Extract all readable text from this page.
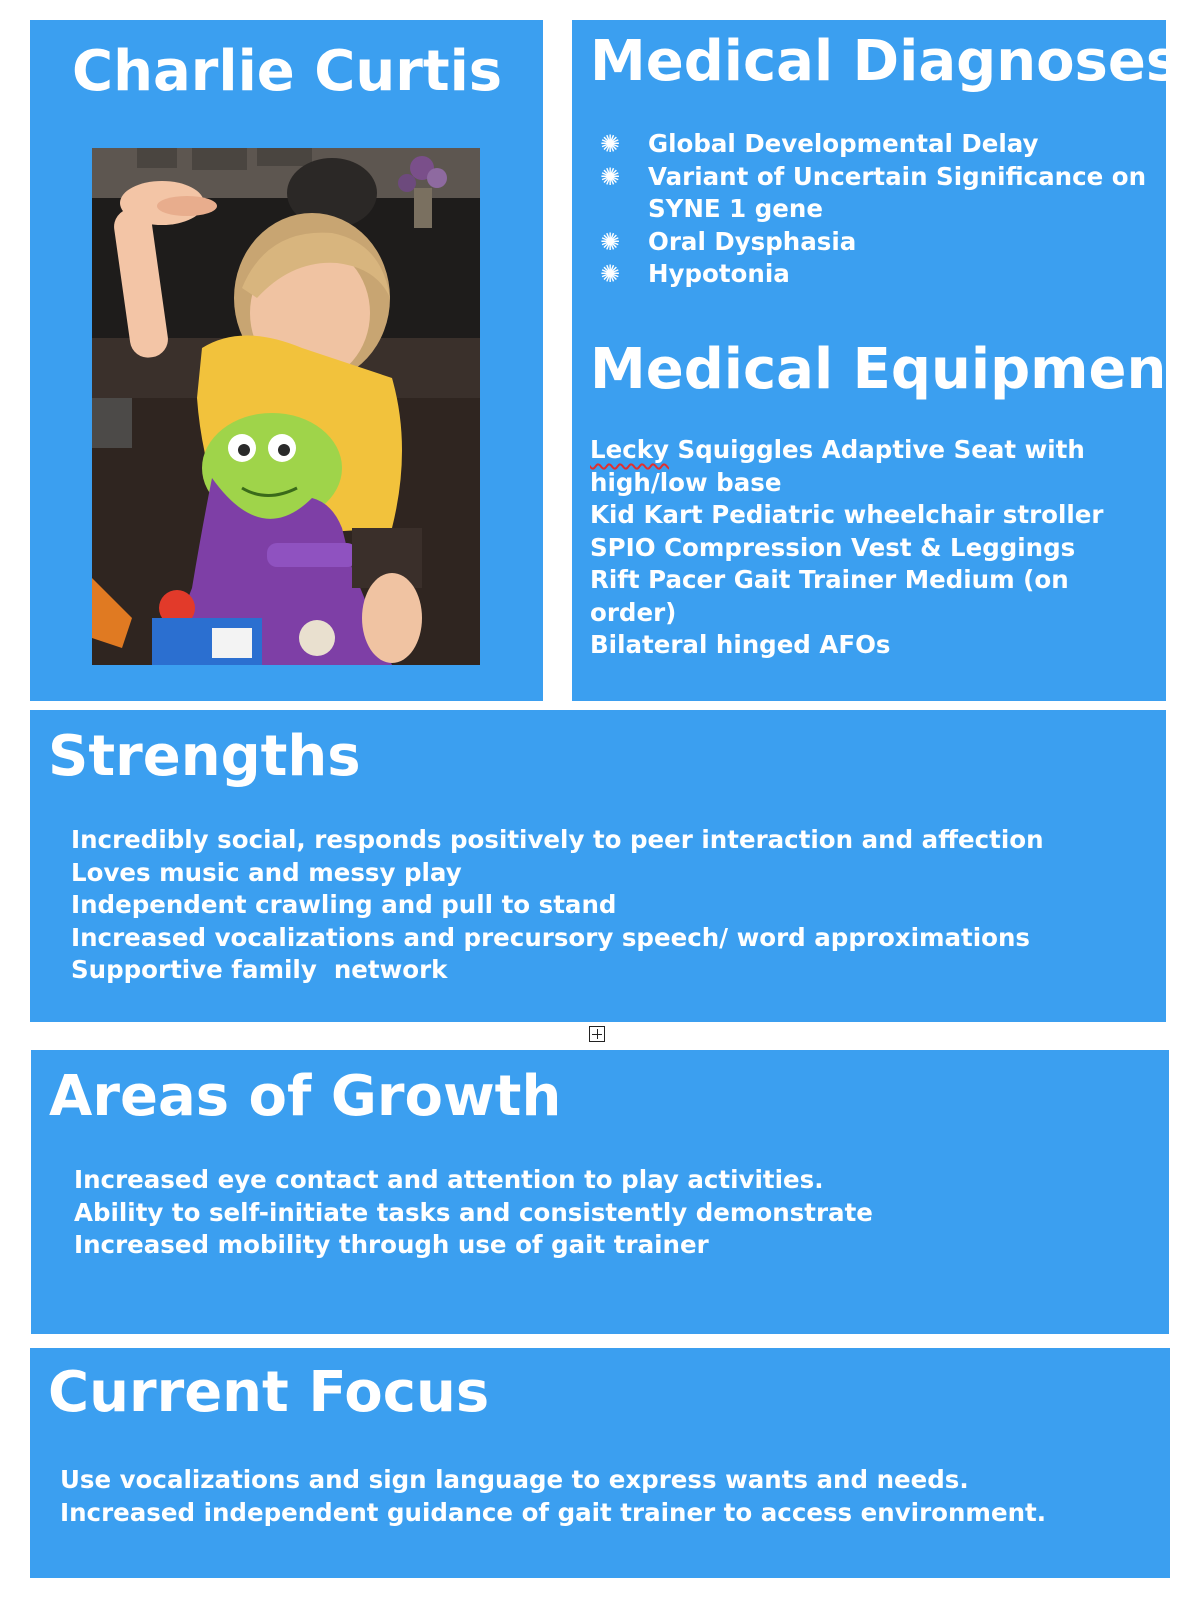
Charlie Curtis Medical Diagnoses
✺ Global Developmental Delay
✺ Variant of Uncertain Significance on
SYNE 1 gene
✺ Oral Dysphasia
✺ Hypotonia
Medical Equipment
Lecky Squiggles Adaptive Seat with
high/low base
Kid Kart Pediatric wheelchair stroller
SPIO Compression Vest & Leggings
Rift Pacer Gait Trainer Medium (on
order)
Bilateral hinged AFOs
Strengths
Incredibly social, responds positively to peer interaction and affection
Loves music and messy play
Independent crawling and pull to stand
Increased vocalizations and precursory speech/ word approximations
Supportive family  network
Areas of Growth
Increased eye contact and attention to play activities.
Ability to self-initiate tasks and consistently demonstrate
Increased mobility through use of gait trainer
Current Focus
Use vocalizations and sign language to express wants and needs.
Increased independent guidance of gait trainer to access environment.
